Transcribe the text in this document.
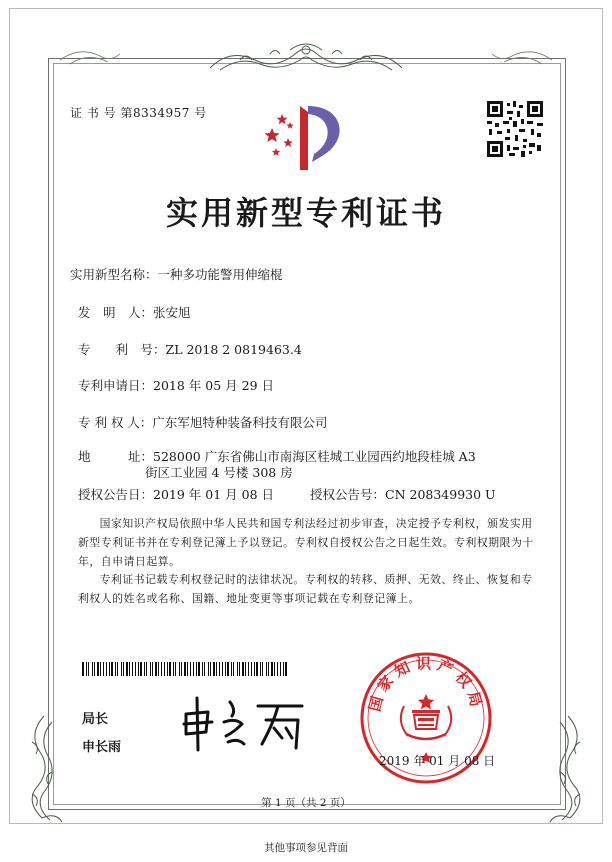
证 书 号 第8334957 号
实用新型专利证书
实用新型名称：一种多功能警用伸缩棍
发　明　人：张安旭
专　　利　号：ZL 2018 2 0819463.4
专利申请日：2018 年 05 月 29 日
专 利 权 人：广东军旭特种装备科技有限公司
地　　　址：528000 广东省佛山市南海区桂城工业园西约地段桂城 A3
街区工业园 4 号楼 308 房
授权公告日：2019 年 01 月 08 日	授权公告号：CN 208349930 U
国家知识产权局依照中华人民共和国专利法经过初步审查，决定授予专利权，颁发实用
新型专利证书并在专利登记簿上予以登记。专利权自授权公告之日起生效。专利权期限为十
年，自申请日起算。
专利证书记载专利权登记时的法律状况。专利权的转移、质押、无效、终止、恢复和专
利权人的姓名或名称、国籍、地址变更等事项记载在专利登记簿上。
局长
申长雨
国家知识产权局
2019 年 01 月 08 日
第 1 页（共 2 页）
其他事项参见背面
